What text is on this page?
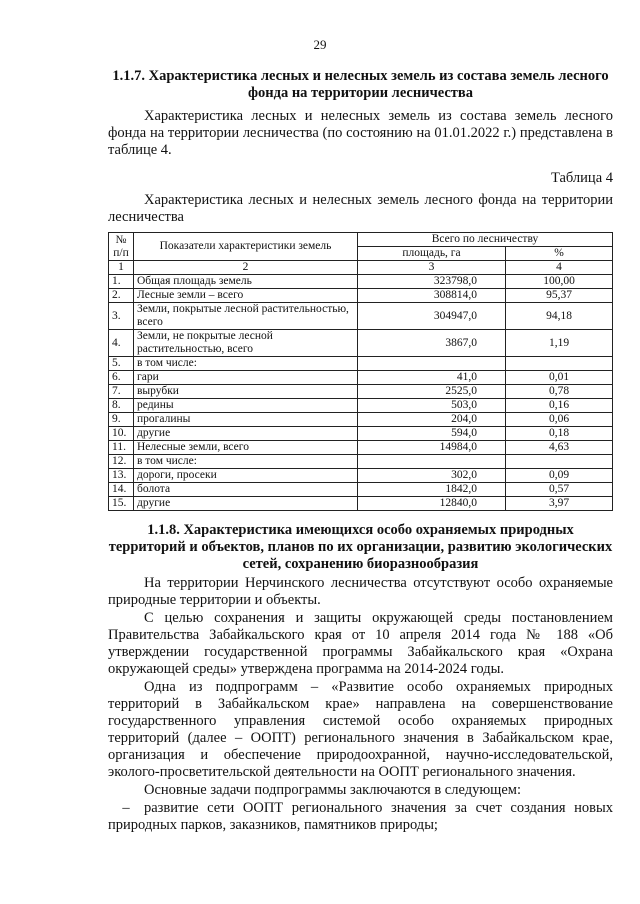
29
1.1.7. Характеристика лесных и нелесных земель из состава земель лесного фонда на территории лесничества

Характеристика лесных и нелесных земель из состава земель лесного фонда на территории лесничества (по состоянию на 01.01.2022 г.) представлена в таблице 4.

Таблица 4

Характеристика лесных и нелесных земель лесного фонда на территории лесничества

№ п/п	Показатели характеристики земель	Всего по лесничеству	
		площадь, га	%
1	2	3	4
1.	Общая площадь земель	323798,0	100,00
2.	Лесные земли – всего	308814,0	95,37
3.	Земли, покрытые лесной растительностью, всего	304947,0	94,18
4.	Земли, не покрытые лесной растительностью, всего	3867,0	1,19
5.	в том числе:		
6.	гари	41,0	0,01
7.	вырубки	2525,0	0,78
8.	редины	503,0	0,16
9.	прогалины	204,0	0,06
10.	другие	594,0	0,18
11.	Нелесные земли, всего	14984,0	4,63
12.	в том числе:		
13.	дороги, просеки	302,0	0,09
14.	болота	1842,0	0,57
15.	другие	12840,0	3,97
1.1.8. Характеристика имеющихся особо охраняемых природных территорий и объектов, планов по их организации, развитию экологических сетей, сохранению биоразнообразия

На территории Нерчинского лесничества отсутствуют особо охраняемые природные территории и объекты.

С целью сохранения и защиты окружающей среды постановлением Правительства Забайкальского края от 10 апреля 2014 года № 188 «Об утверждении государственной программы Забайкальского края «Охрана окружающей среды» утверждена программа на 2014-2024 годы.

Одна из подпрограмм – «Развитие особо охраняемых природных территорий в Забайкальском крае» направлена на совершенствование государственного управления системой особо охраняемых природных территорий (далее – ООПТ) регионального значения в Забайкальском крае, организация и обеспечение природоохранной, научно-исследовательской, эколого-просветительской деятельности на ООПТ регионального значения.

Основные задачи подпрограммы заключаются в следующем:

– развитие сети ООПТ регионального значения за счет создания новых природных парков, заказников, памятников природы;
